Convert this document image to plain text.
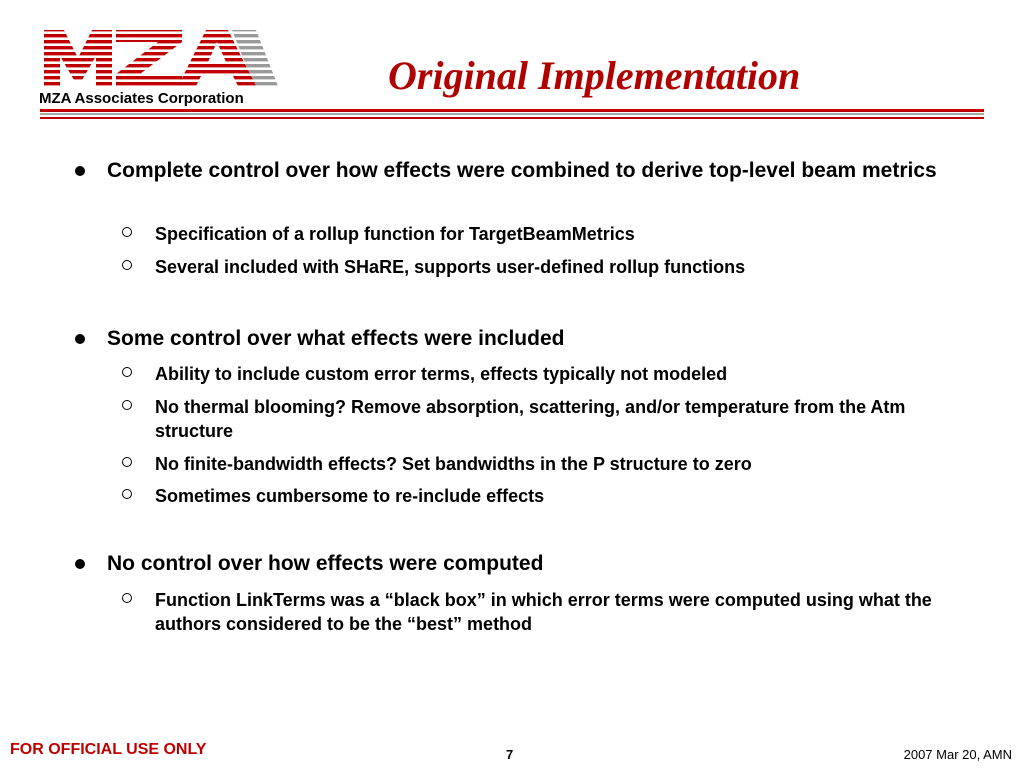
MZA Associates Corporation
Original Implementation
Complete control over how effects were combined to derive top-level beam metrics
Specification of a rollup function for TargetBeamMetrics
Several included with SHaRE, supports user-defined rollup functions
Some control over what effects were included
Ability to include custom error terms, effects typically not modeled
No thermal blooming? Remove absorption, scattering, and/or temperature from the Atm structure
No finite-bandwidth effects? Set bandwidths in the P structure to zero
Sometimes cumbersome to re-include effects
No control over how effects were computed
Function LinkTerms was a “black box” in which error terms were computed using what the authors considered to be the “best” method
FOR OFFICIAL USE ONLY	7	2007 Mar 20, AMN
